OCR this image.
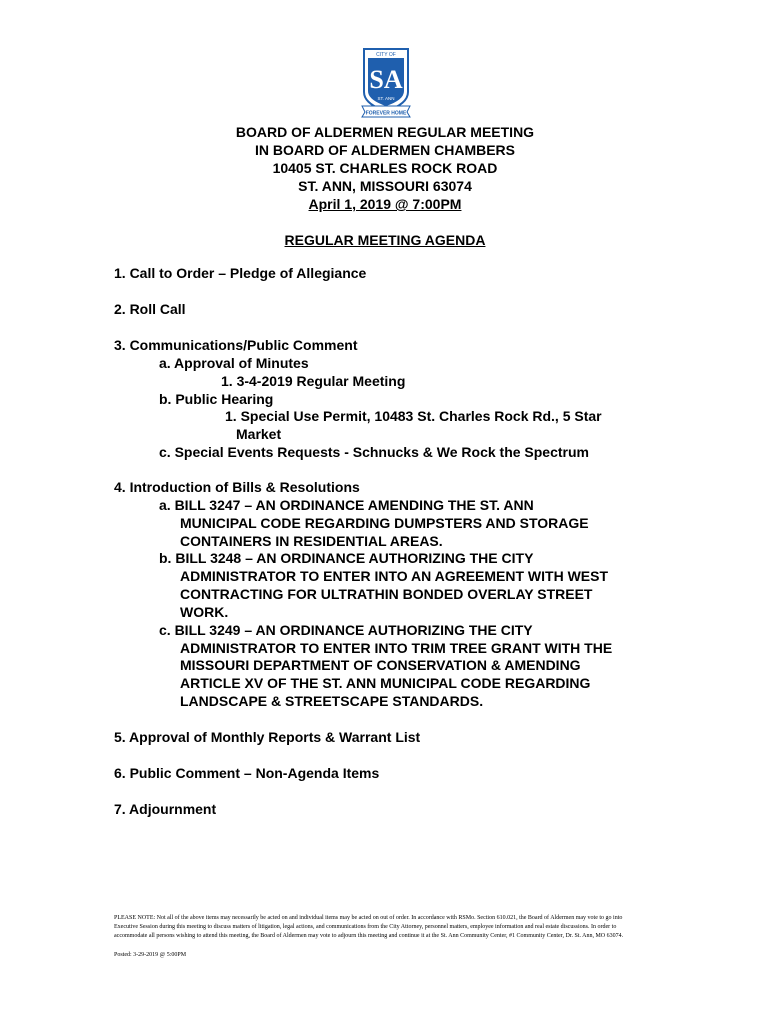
CITY OF
SA
ST. ANN
FOREVER HOME
BOARD OF ALDERMEN REGULAR MEETING
IN BOARD OF ALDERMEN CHAMBERS
10405 ST. CHARLES ROCK ROAD
ST. ANN, MISSOURI 63074
April 1, 2019 @ 7:00PM
REGULAR MEETING AGENDA
1. Call to Order – Pledge of Allegiance
2. Roll Call
3. Communications/Public Comment
a. Approval of Minutes
1. 3-4-2019 Regular Meeting
b. Public Hearing
1. Special Use Permit, 10483 St. Charles Rock Rd., 5 Star
Market
c. Special Events Requests - Schnucks & We Rock the Spectrum
4. Introduction of Bills & Resolutions
a. BILL 3247 – AN ORDINANCE AMENDING THE ST. ANN
MUNICIPAL CODE REGARDING DUMPSTERS AND STORAGE
CONTAINERS IN RESIDENTIAL AREAS.
b. BILL 3248 – AN ORDINANCE AUTHORIZING THE CITY
ADMINISTRATOR TO ENTER INTO AN AGREEMENT WITH WEST
CONTRACTING FOR ULTRATHIN BONDED OVERLAY STREET
WORK.
c. BILL 3249 – AN ORDINANCE AUTHORIZING THE CITY
ADMINISTRATOR TO ENTER INTO TRIM TREE GRANT WITH THE
MISSOURI DEPARTMENT OF CONSERVATION & AMENDING
ARTICLE XV OF THE ST. ANN MUNICIPAL CODE REGARDING
LANDSCAPE & STREETSCAPE STANDARDS.
5. Approval of Monthly Reports & Warrant List
6. Public Comment – Non-Agenda Items
7. Adjournment
PLEASE NOTE: Not all of the above items may necessarily be acted on and individual items may be acted on out of order. In accordance with RSMo. Section 610.021, the Board of Aldermen may vote to go into
Executive Session during this meeting to discuss matters of litigation, legal actions, and communications from the City Attorney, personnel matters, employee information and real estate discussions. In order to
accommodate all persons wishing to attend this meeting, the Board of Aldermen may vote to adjourn this meeting and continue it at the St. Ann Community Center, #1 Community Center, Dr. St. Ann, MO 63074.
Posted: 3-29-2019 @ 5:00PM
